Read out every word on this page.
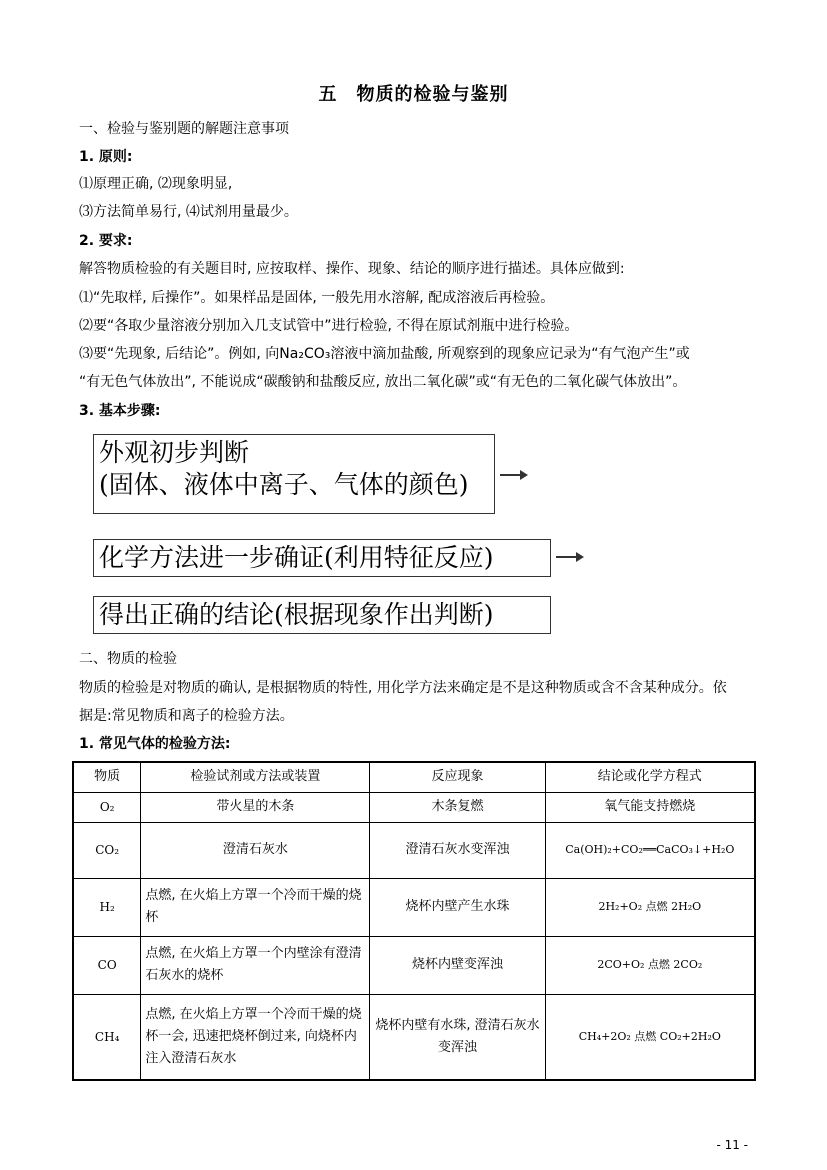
五　物质的检验与鉴别
一、检验与鉴别题的解题注意事项
1. 原则:
⑴原理正确, ⑵现象明显,
⑶方法简单易行, ⑷试剂用量最少。
2. 要求:
解答物质检验的有关题目时, 应按取样、操作、现象、结论的顺序进行描述。具体应做到:
⑴“先取样, 后操作”。如果样品是固体, 一般先用水溶解, 配成溶液后再检验。
⑵要“各取少量溶液分别加入几支试管中”进行检验, 不得在原试剂瓶中进行检验。
⑶要“先现象, 后结论”。例如, 向Na₂CO₃溶液中滴加盐酸, 所观察到的现象应记录为“有气泡产生”或
“有无色气体放出”, 不能说成“碳酸钠和盐酸反应, 放出二氧化碳”或“有无色的二氧化碳气体放出”。
3. 基本步骤:
外观初步判断
(固体、液体中离子、气体的颜色)
化学方法进一步确证(利用特征反应)
得出正确的结论(根据现象作出判断)
二、物质的检验
物质的检验是对物质的确认, 是根据物质的特性, 用化学方法来确定是不是这种物质或含不含某种成分。依
据是:常见物质和离子的检验方法。
1. 常见气体的检验方法:
物质	检验试剂或方法或装置	反应现象	结论或化学方程式
O₂	带火星的木条	木条复燃	氧气能支持燃烧
CO₂	澄清石灰水	澄清石灰水变浑浊	Ca(OH)₂+CO₂══CaCO₃↓+H₂O
H₂	点燃, 在火焰上方罩一个冷而干燥的烧杯	烧杯内壁产生水珠	2H₂+O₂ 点燃 2H₂O
CO	点燃, 在火焰上方罩一个内壁涂有澄清石灰水的烧杯	烧杯内壁变浑浊	2CO+O₂ 点燃 2CO₂
CH₄	点燃, 在火焰上方罩一个冷而干燥的烧杯一会, 迅速把烧杯倒过来, 向烧杯内注入澄清石灰水	烧杯内壁有水珠, 澄清石灰水变浑浊	CH₄+2O₂ 点燃 CO₂+2H₂O
- 11 -
